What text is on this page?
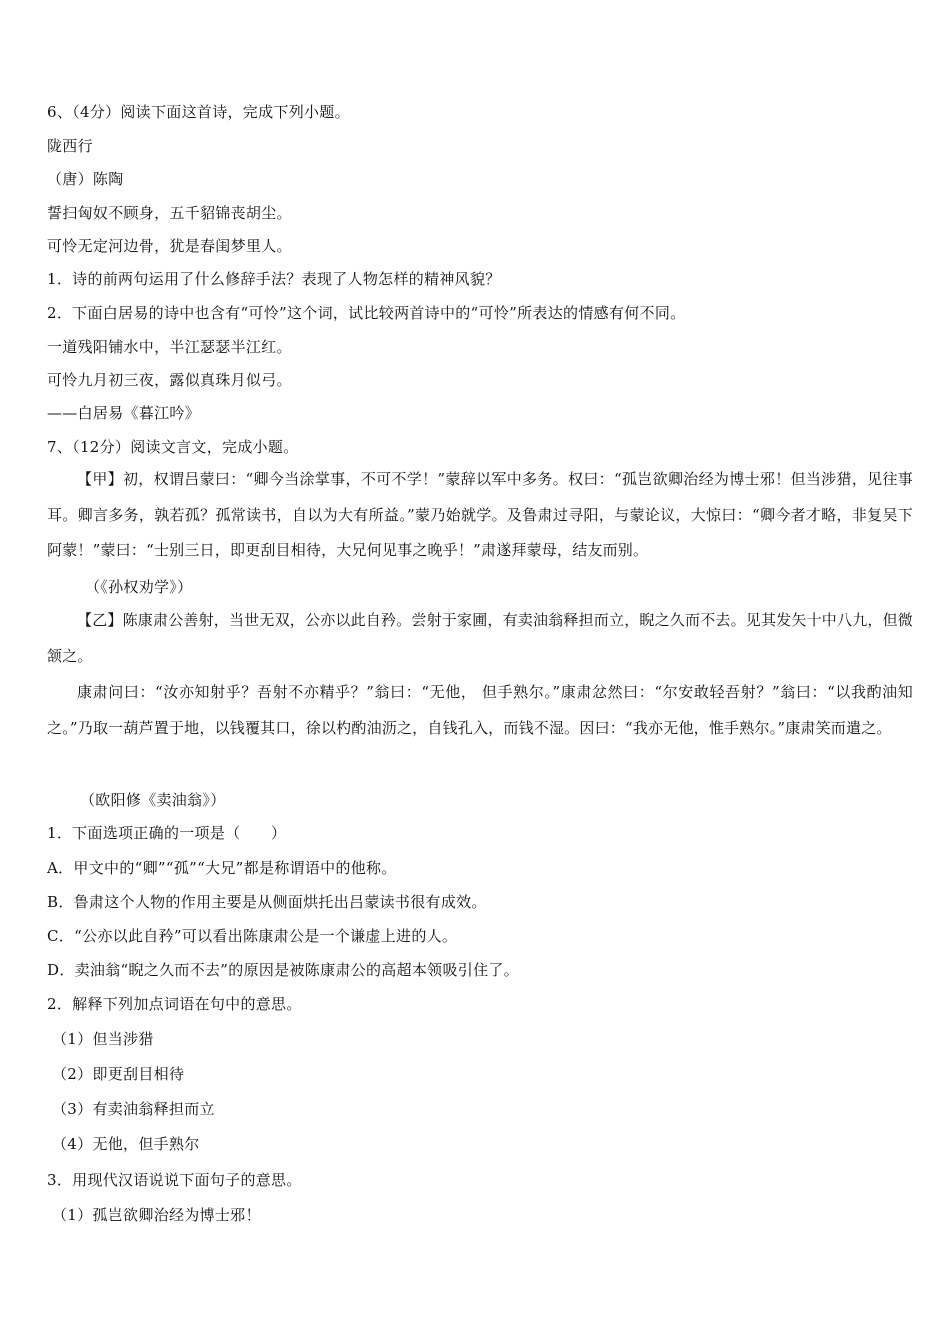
6、（4分）阅读下面这首诗，完成下列小题。
陇西行
（唐）陈陶
誓扫匈奴不顾身，五千貂锦丧胡尘。
可怜无定河边骨，犹是春闺梦里人。
1．诗的前两句运用了什么修辞手法？表现了人物怎样的精神风貌？
2．下面白居易的诗中也含有“可怜”这个词，试比较两首诗中的“可怜”所表达的情感有何不同。
一道残阳铺水中，半江瑟瑟半江红。
可怜九月初三夜，露似真珠月似弓。
——白居易《暮江吟》
7、（12分）阅读文言文，完成小题。
【甲】初，权谓吕蒙曰：“卿今当涂掌事，不可不学！”蒙辞以军中多务。权曰：“孤岂欲卿治经为博士邪！但当涉猎，见往事耳。卿言多务，孰若孤？孤常读书，自以为大有所益。”蒙乃始就学。及鲁肃过寻阳，与蒙论议，大惊曰：“卿今者才略，非复吴下阿蒙！”蒙曰：“士别三日，即更刮目相待，大兄何见事之晚乎！”肃遂拜蒙母，结友而别。
（《孙权劝学》）
【乙】陈康肃公善射，当世无双，公亦以此自矜。尝射于家圃，有卖油翁释担而立，睨之久而不去。见其发矢十中八九，但微颔之。
康肃问曰：“汝亦知射乎？吾射不亦精乎？”翁曰：“无他， 但手熟尔。”康肃忿然曰：“尔安敢轻吾射？”翁曰：“以我酌油知之。”乃取一葫芦置于地，以钱覆其口，徐以杓酌油沥之，自钱孔入，而钱不湿。因曰：“我亦无他，惟手熟尔。”康肃笑而遣之。
（欧阳修《卖油翁》）
1．下面选项正确的一项是（　　）
A．甲文中的“卿”“孤”“大兄”都是称谓语中的他称。
B．鲁肃这个人物的作用主要是从侧面烘托出吕蒙读书很有成效。
C．“公亦以此自矜”可以看出陈康肃公是一个谦虚上进的人。
D．卖油翁“睨之久而不去”的原因是被陈康肃公的高超本领吸引住了。
2．解释下列加点词语在句中的意思。
（1）但当涉猎
（2）即更刮目相待
（3）有卖油翁释担而立
（4）无他，但手熟尔
3．用现代汉语说说下面句子的意思。
（1）孤岂欲卿治经为博士邪！
